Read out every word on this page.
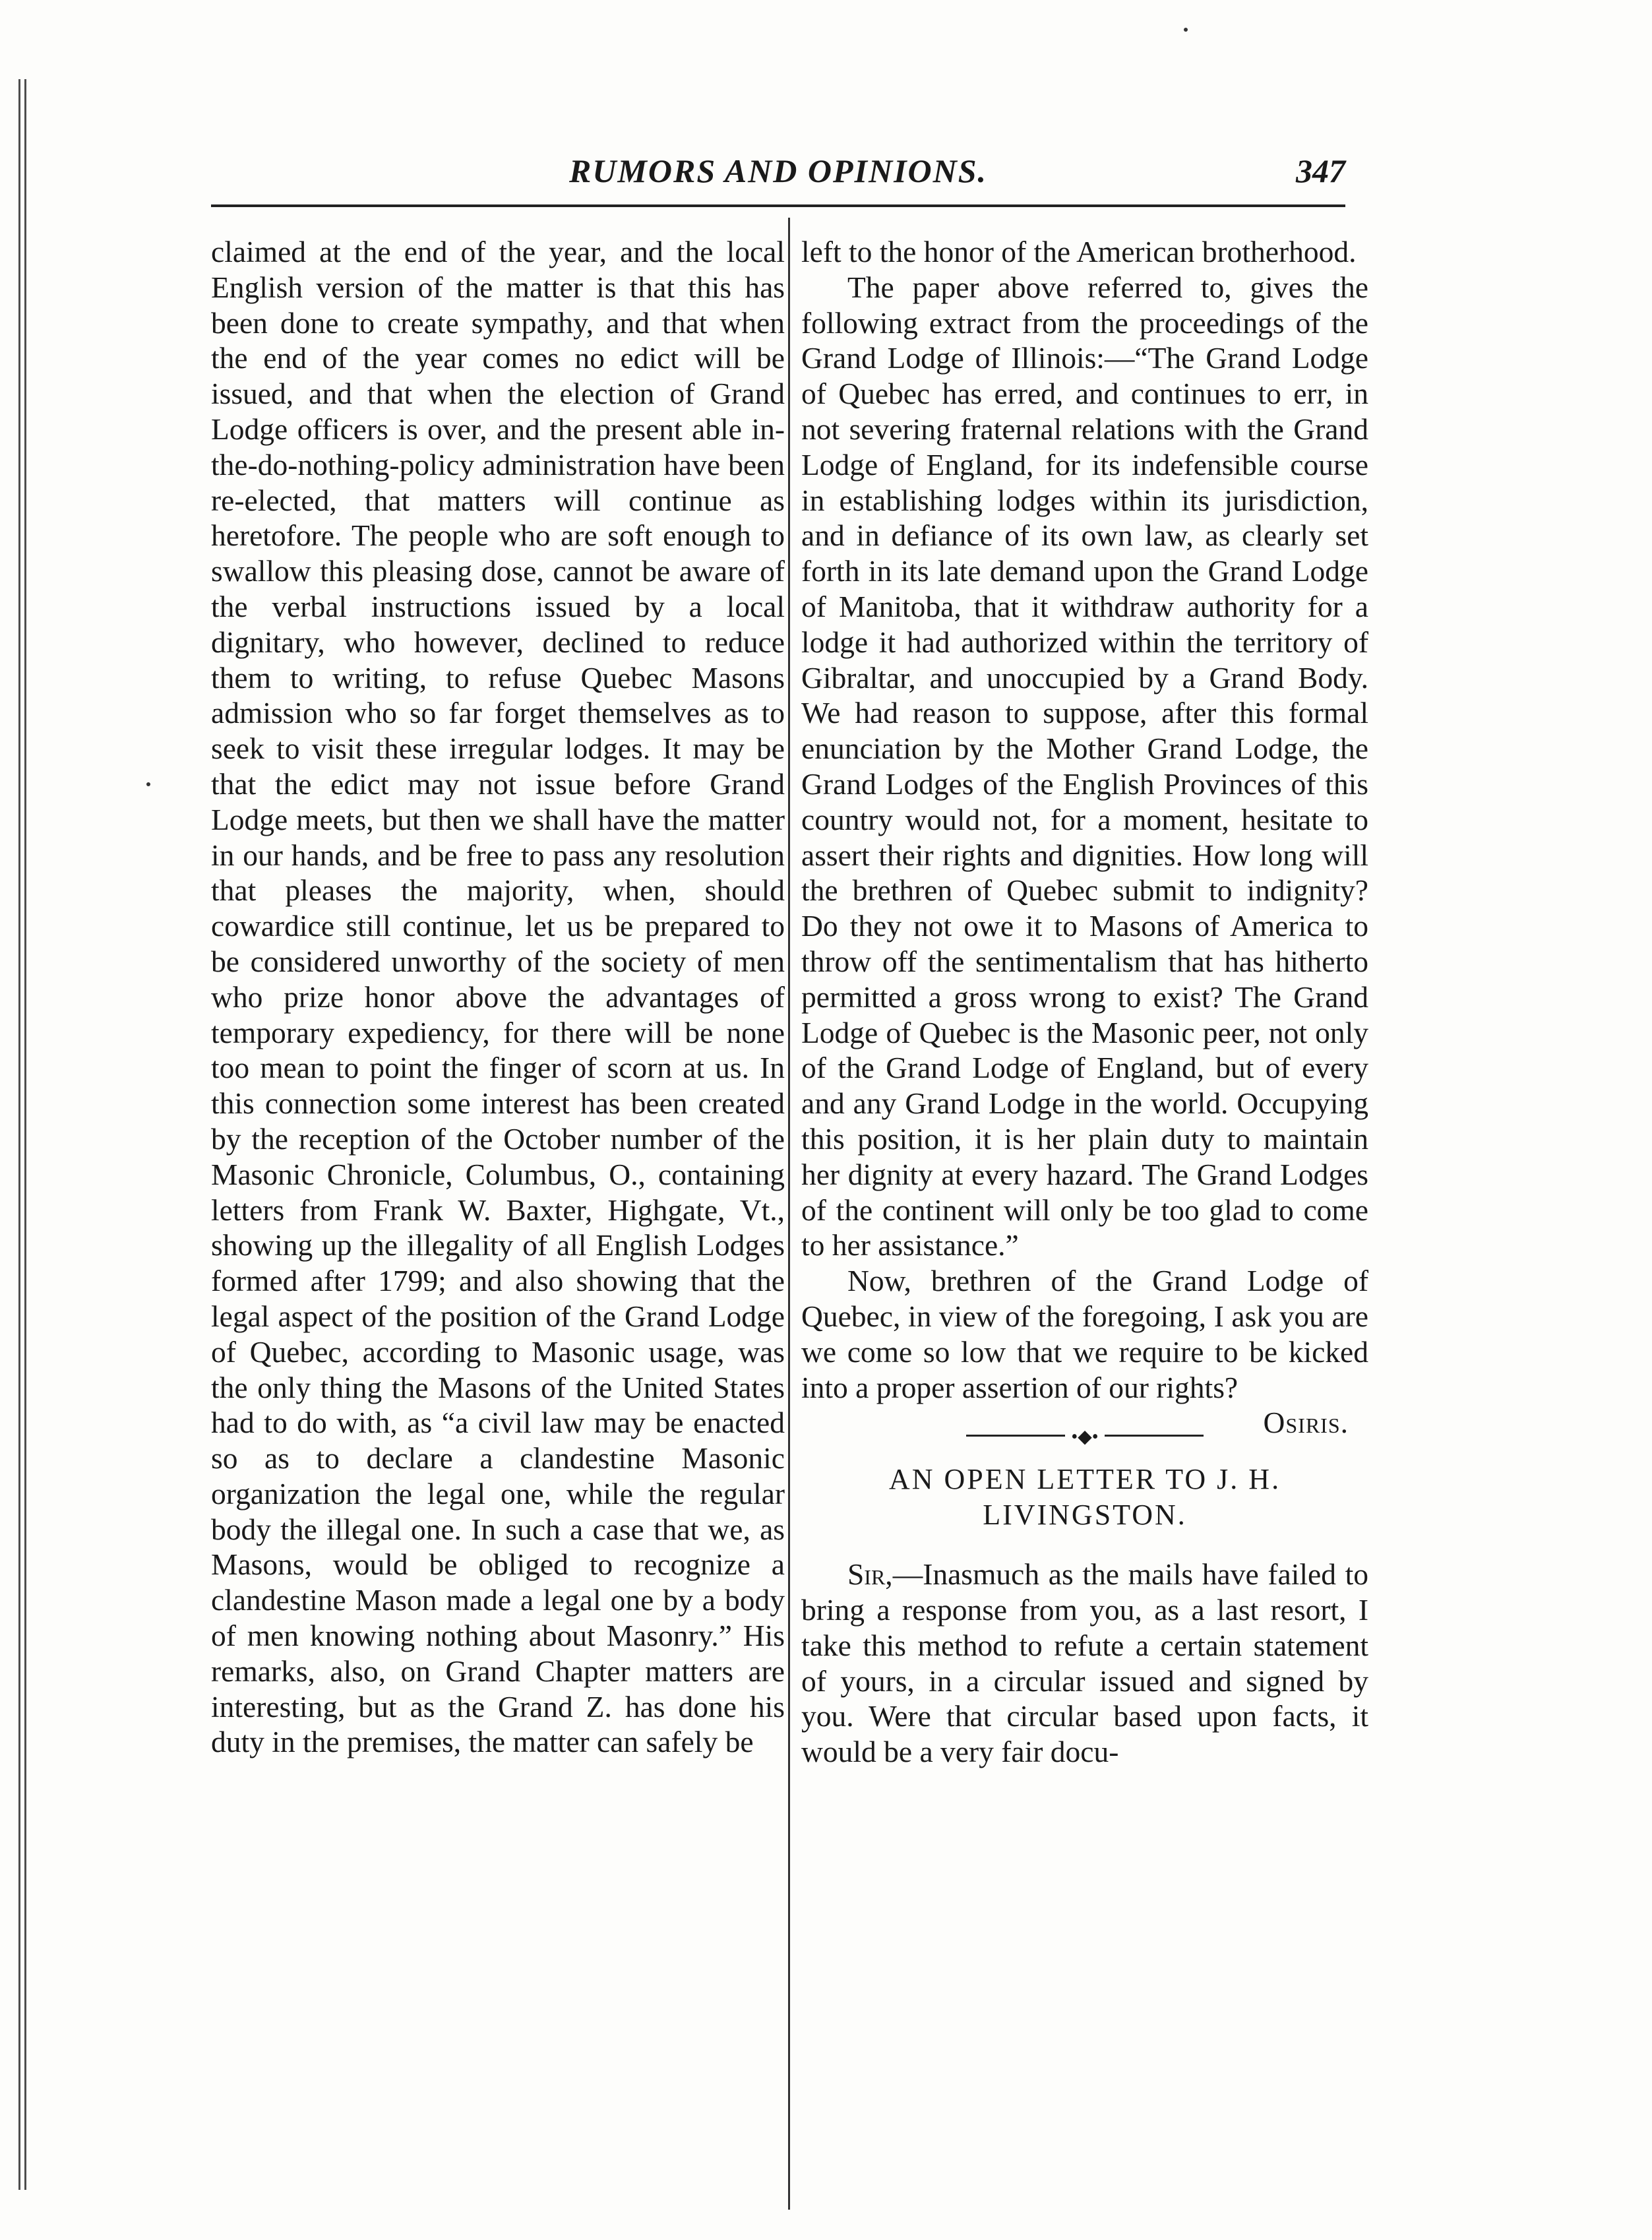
RUMORS AND OPINIONS.	347

claimed at the end of the year, and the local English version of the matter is that this has been done to create sympathy, and that when the end of the year comes no edict will be issued, and that when the election of Grand Lodge officers is over, and the present able in-the-do-nothing-policy administration have been re-elected, that matters will continue as heretofore. The people who are soft enough to swallow this pleasing dose, cannot be aware of the verbal instructions issued by a local dignitary, who however, declined to reduce them to writing, to refuse Quebec Masons admission who so far forget themselves as to seek to visit these irregular lodges. It may be that the edict may not issue before Grand Lodge meets, but then we shall have the matter in our hands, and be free to pass any resolution that pleases the majority, when, should cowardice still continue, let us be prepared to be considered unworthy of the society of men who prize honor above the advantages of temporary expediency, for there will be none too mean to point the finger of scorn at us. In this connection some interest has been created by the reception of the October number of the Masonic Chronicle, Columbus, O., containing letters from Frank W. Baxter, Highgate, Vt., showing up the illegality of all English Lodges formed after 1799; and also showing that the legal aspect of the position of the Grand Lodge of Quebec, according to Masonic usage, was the only thing the Masons of the United States had to do with, as “a civil law may be enacted so as to declare a clandestine Masonic organization the legal one, while the regular body the illegal one. In such a case that we, as Masons, would be obliged to recognize a clandestine Mason made a legal one by a body of men knowing nothing about Masonry.” His remarks, also, on Grand Chapter matters are interesting, but as the Grand Z. has done his duty in the premises, the matter can safely be

left to the honor of the American brotherhood.

The paper above referred to, gives the following extract from the proceedings of the Grand Lodge of Illinois:—“The Grand Lodge of Quebec has erred, and continues to err, in not severing fraternal relations with the Grand Lodge of England, for its indefensible course in establishing lodges within its jurisdiction, and in defiance of its own law, as clearly set forth in its late demand upon the Grand Lodge of Manitoba, that it withdraw authority for a lodge it had authorized within the territory of Gibraltar, and unoccupied by a Grand Body. We had reason to suppose, after this formal enunciation by the Mother Grand Lodge, the Grand Lodges of the English Provinces of this country would not, for a moment, hesitate to assert their rights and dignities. How long will the brethren of Quebec submit to indignity? Do they not owe it to Masons of America to throw off the sentimentalism that has hitherto permitted a gross wrong to exist? The Grand Lodge of Quebec is the Masonic peer, not only of the Grand Lodge of England, but of every and any Grand Lodge in the world. Occupying this position, it is her plain duty to maintain her dignity at every hazard. The Grand Lodges of the continent will only be too glad to come to her assistance.”

Now, brethren of the Grand Lodge of Quebec, in view of the foregoing, I ask you are we come so low that we require to be kicked into a proper assertion of our rights?
Osiris.

•◆•
AN OPEN LETTER TO J. H.
LIVINGSTON.

Sir,—Inasmuch as the mails have failed to bring a response from you, as a last resort, I take this method to refute a certain statement of yours, in a circular issued and signed by you. Were that circular based upon facts, it would be a very fair docu-
